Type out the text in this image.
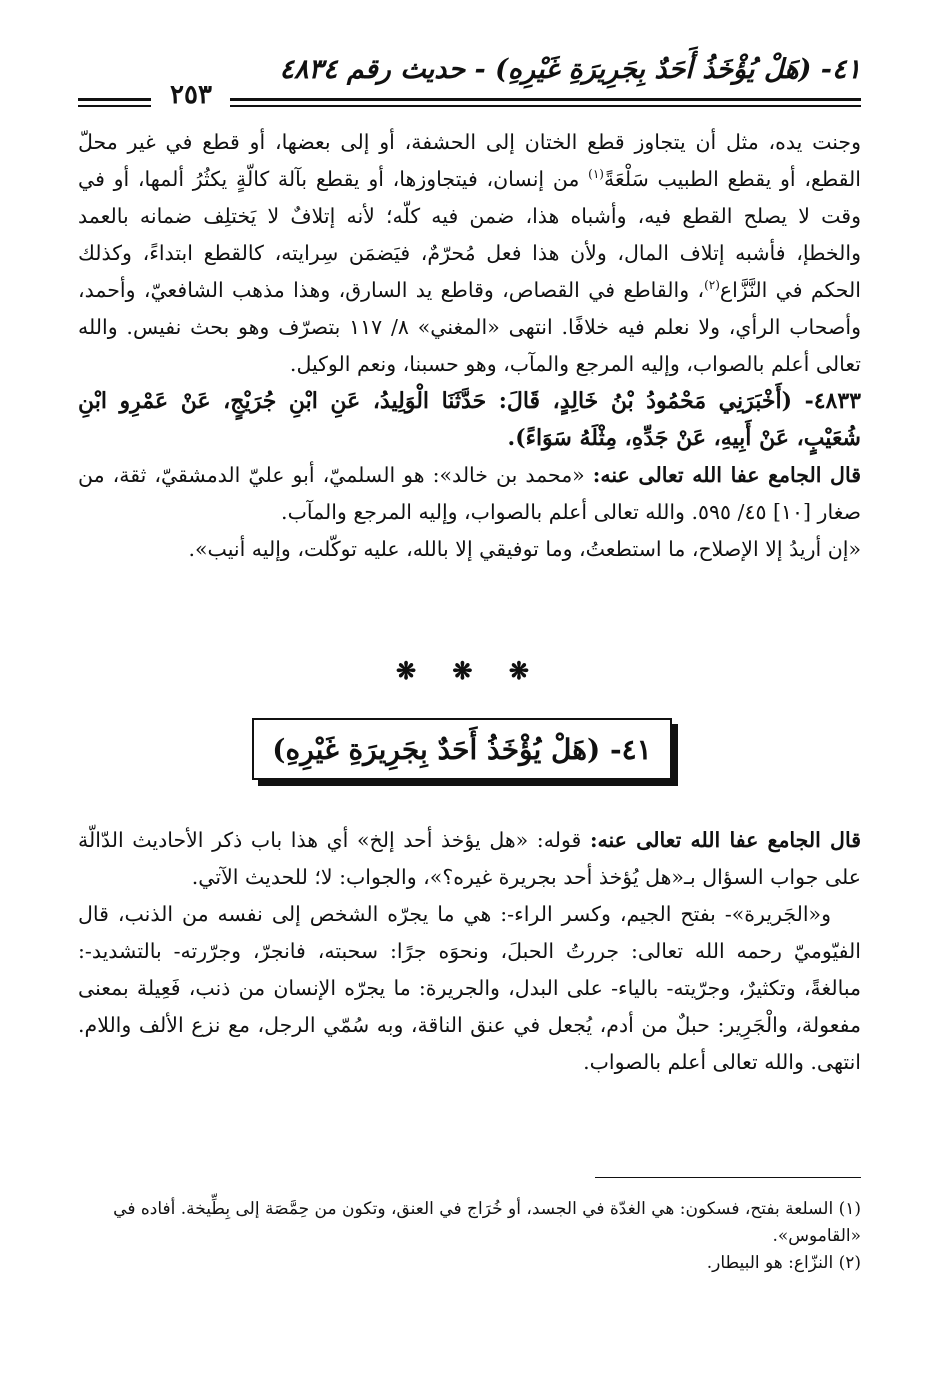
٤١- (هَلْ يُؤْخَذُ أَحَدٌ بِجَرِيرَةِ غَيْرِهِ) - حديث رقم ٤٨٣٤
٢٥٣

وجنت يده، مثل أن يتجاوز قطع الختان إلى الحشفة، أو إلى بعضها، أو قطع في غير محلّ القطع، أو يقطع الطبيب سَلْعَةً$^{(١)}$ من إنسان، فيتجاوزها، أو يقطع بآلة كالّةٍ يكثُرُ ألمها، أو في وقت لا يصلح القطع فيه، وأشباه هذا، ضمن فيه كلّه؛ لأنه إتلافٌ لا يَختلِف ضمانه بالعمد والخطإ، فأشبه إتلاف المال، ولأن هذا فعل مُحرّمٌ، فيَضمَن سِرايته، كالقطع ابتداءً، وكذلك الحكم في النَّزَّاع$^{(٢)}$، والقاطع في القصاص، وقاطع يد السارق، وهذا مذهب الشافعيّ، وأحمد، وأصحاب الرأي، ولا نعلم فيه خلافًا. انتهى «المغني» ٨/ ١١٧ بتصرّف وهو بحث نفيس. والله تعالى أعلم بالصواب، وإليه المرجع والمآب، وهو حسبنا، ونعم الوكيل.

٤٨٣٣- (أَخْبَرَنِي مَحْمُودُ بْنُ خَالِدٍ، قَالَ: حَدَّثَنَا الْوَلِيدُ، عَنِ ابْنِ جُرَيْجٍ، عَنْ عَمْرِو ابْنِ شُعَيْبٍ، عَنْ أَبِيهِ، عَنْ جَدِّهِ، مِثْلَهُ سَوَاءً).

قال الجامع عفا الله تعالى عنه: «محمد بن خالد»: هو السلميّ، أبو عليّ الدمشقيّ، ثقة، من صغار [١٠] ٤٥/ ٥٩٥. والله تعالى أعلم بالصواب، وإليه المرجع والمآب.

«إن أريدُ إلا الإصلاح، ما استطعتُ، وما توفيقي إلا بالله، عليه توكّلت، وإليه أنيب».

❋ ❋ ❋
٤١- (هَلْ يُؤْخَذُ أَحَدٌ بِجَرِيرَةِ غَيْرِهِ)

قال الجامع عفا الله تعالى عنه: قوله: «هل يؤخذ أحد إلخ» أي هذا باب ذكر الأحاديث الدّالّة على جواب السؤال بـ«هل يُؤخذ أحد بجريرة غيره؟»، والجواب: لا؛ للحديث الآتي.

و«الجَريرة»- بفتح الجيم، وكسر الراء-: هي ما يجرّه الشخص إلى نفسه من الذنب، قال الفيّوميّ رحمه الله تعالى: جررتُ الحبلَ، ونحوَه جرًا: سحبته، فانجرّ، وجرّرته- بالتشديد-: مبالغةً، وتكثيرٌ، وجرّيته- بالياء- على البدل، والجريرة: ما يجرّه الإنسان من ذنب، فَعِيلة بمعنى مفعولة، والْجَرِير: حبلٌ من أدم، يُجعل في عنق الناقة، وبه سُمّي الرجل، مع نزع الألف واللام. انتهى. والله تعالى أعلم بالصواب.

(١) السلعة بفتح، فسكون: هي الغدّة في الجسد، أو خُرَاج في العنق، وتكون من حِمَّصَة إلى بِطِّيخة. أفاده في «القاموس».

(٢) النزّاع: هو البيطار.
